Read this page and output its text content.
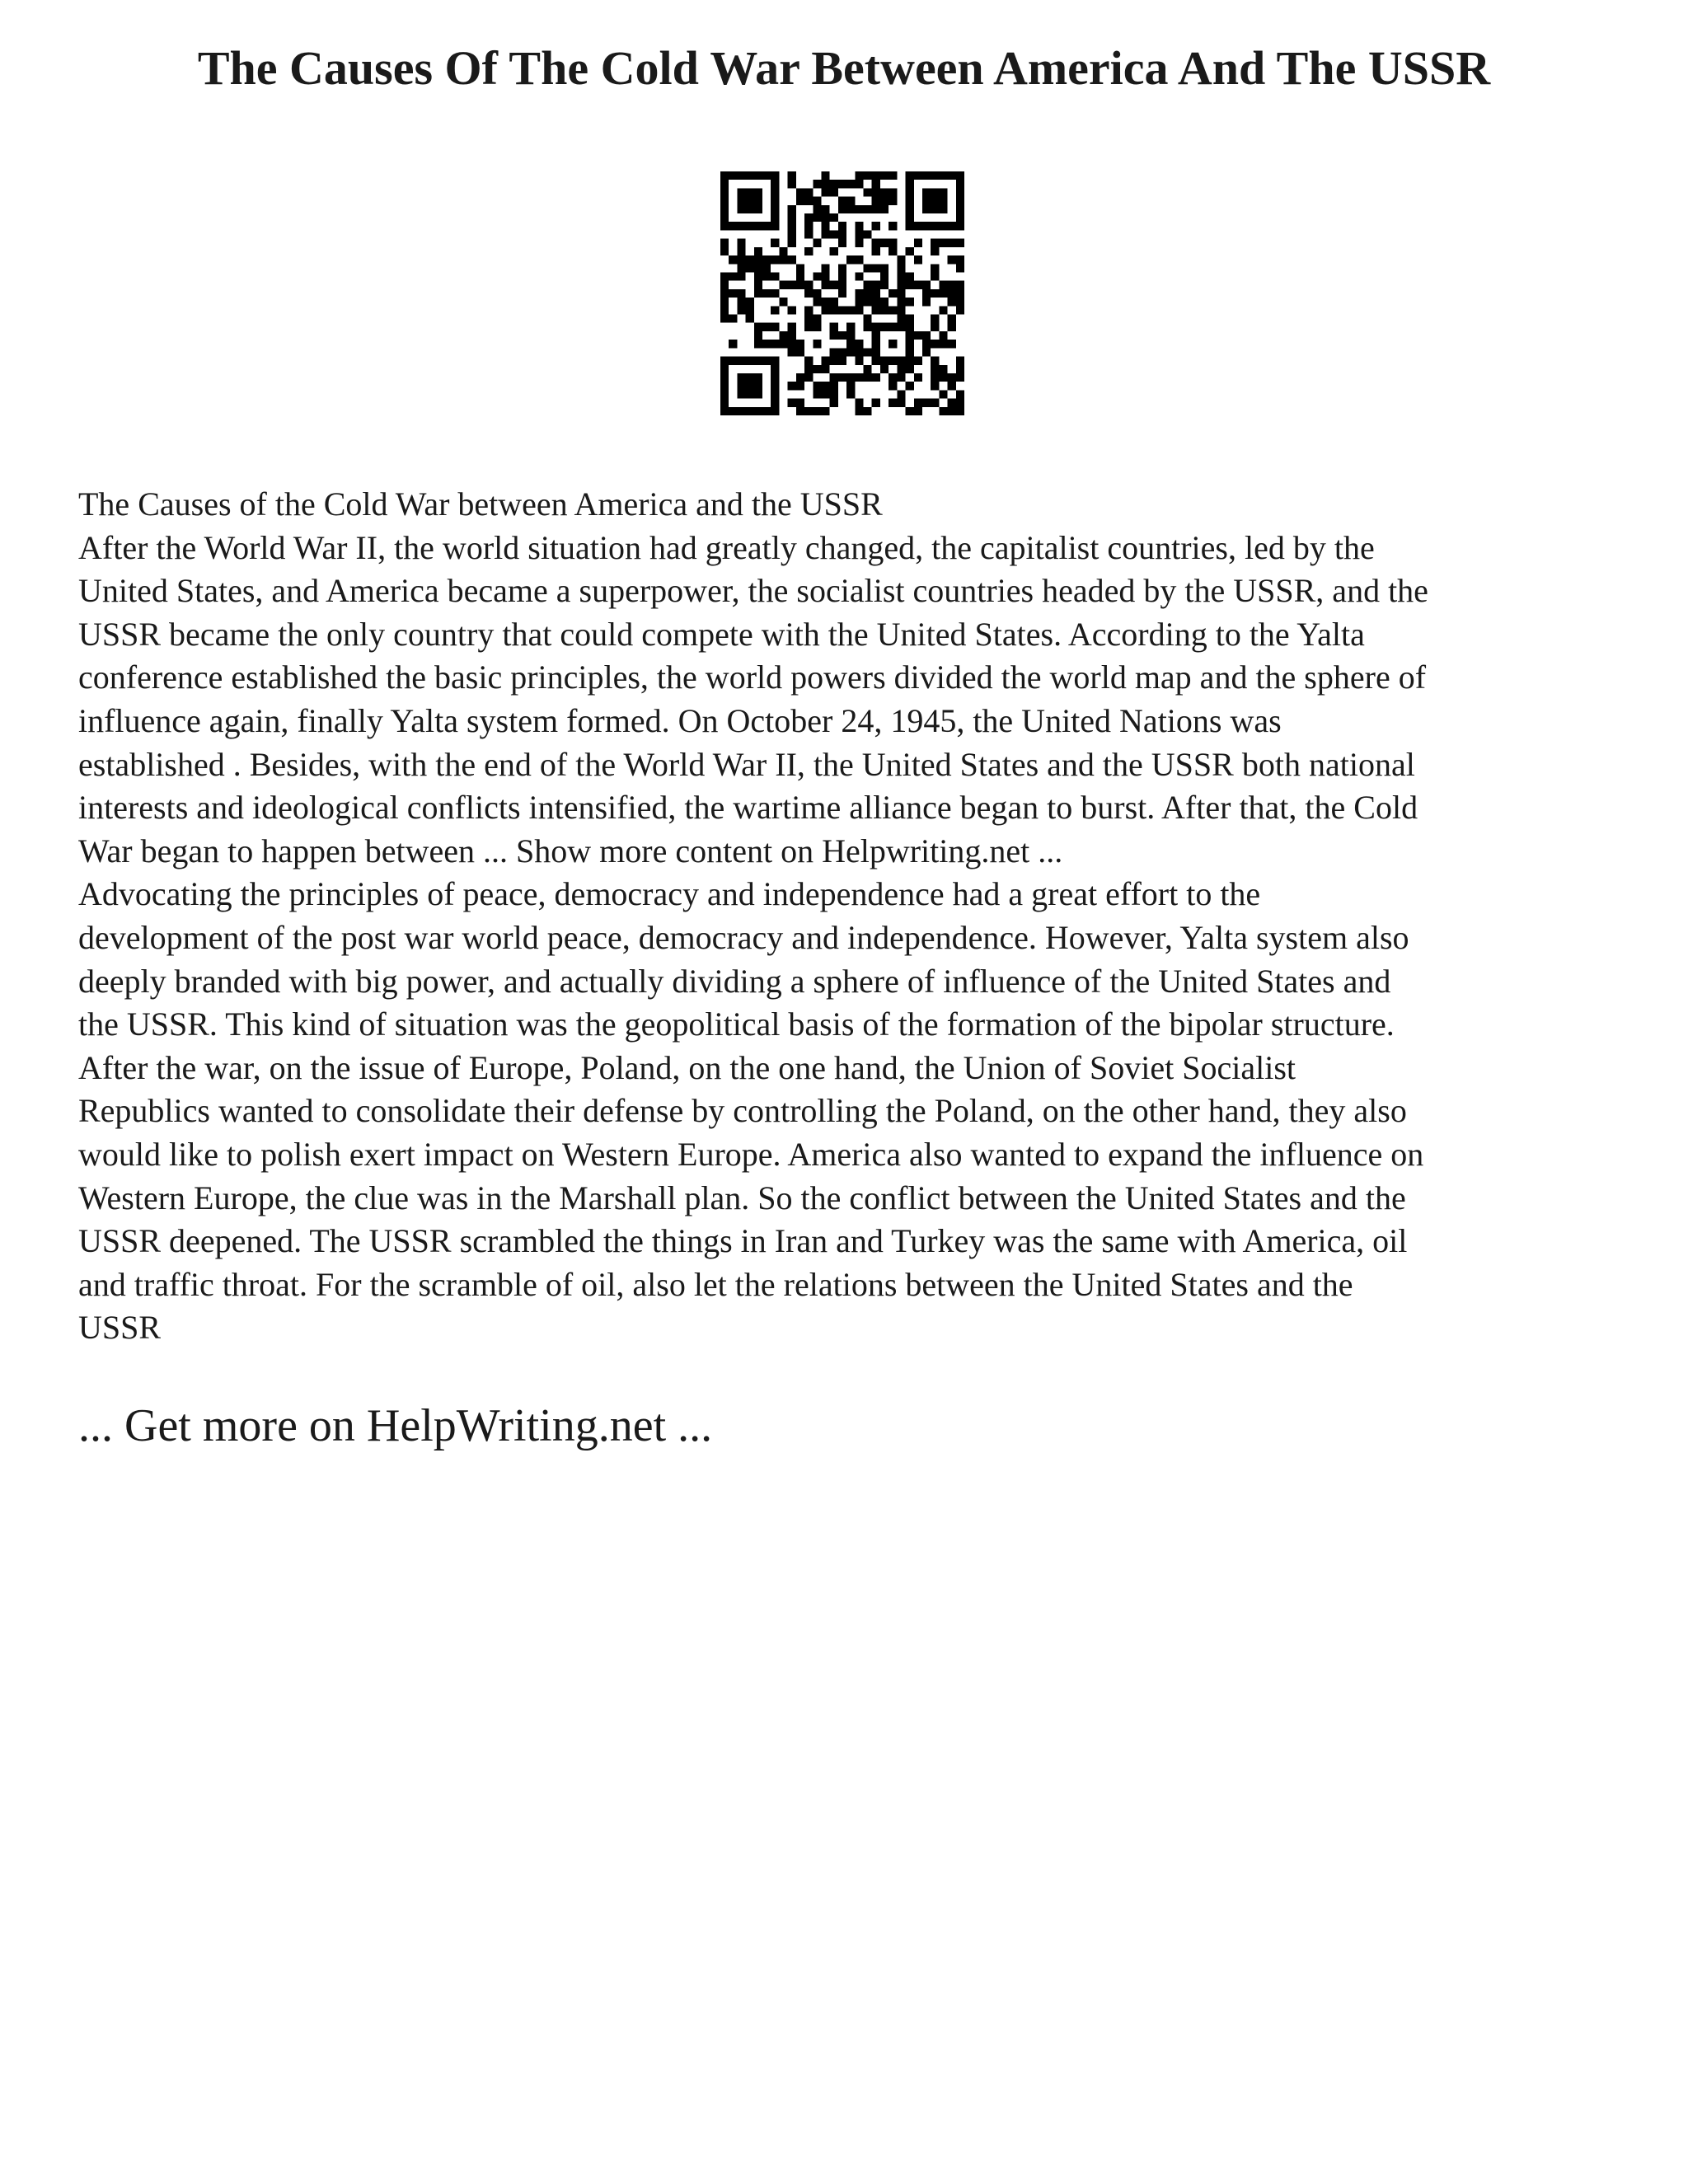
The Causes Of The Cold War Between America And The USSR
The Causes of the Cold War between America and the USSR
After the World War II, the world situation had greatly changed, the capitalist countries, led by the
United States, and America became a superpower, the socialist countries headed by the USSR, and the
USSR became the only country that could compete with the United States. According to the Yalta
conference established the basic principles, the world powers divided the world map and the sphere of
influence again, finally Yalta system formed. On October 24, 1945, the United Nations was
established . Besides, with the end of the World War II, the United States and the USSR both national
interests and ideological conflicts intensified, the wartime alliance began to burst. After that, the Cold
War began to happen between ... Show more content on Helpwriting.net ...
Advocating the principles of peace, democracy and independence had a great effort to the
development of the post war world peace, democracy and independence. However, Yalta system also
deeply branded with big power, and actually dividing a sphere of influence of the United States and
the USSR. This kind of situation was the geopolitical basis of the formation of the bipolar structure.
After the war, on the issue of Europe, Poland, on the one hand, the Union of Soviet Socialist
Republics wanted to consolidate their defense by controlling the Poland, on the other hand, they also
would like to polish exert impact on Western Europe. America also wanted to expand the influence on
Western Europe, the clue was in the Marshall plan. So the conflict between the United States and the
USSR deepened. The USSR scrambled the things in Iran and Turkey was the same with America, oil
and traffic throat. For the scramble of oil, also let the relations between the United States and the
USSR
... Get more on HelpWriting.net ...
